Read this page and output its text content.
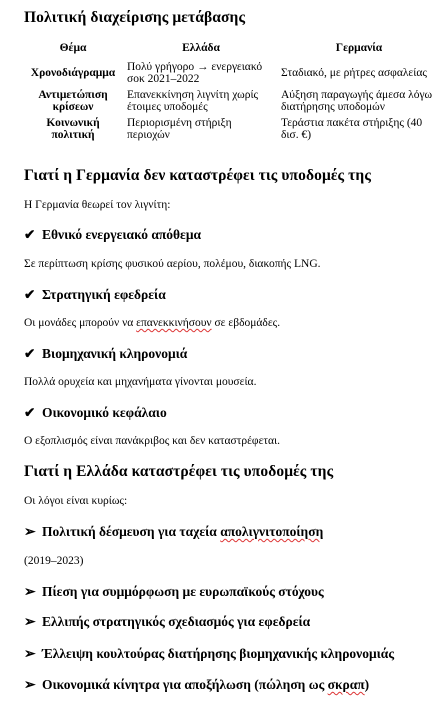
Πολιτική διαχείρισης μετάβασης
Θέμα	Ελλάδα	Γερμανία
Χρονοδιάγραμμα	Πολύ γρήγορο → ενεργειακό σοκ 2021–2022	Σταδιακό, με ρήτρες ασφαλείας
Αντιμετώπιση κρίσεων	Επανεκκίνηση λιγνίτη χωρίς έτοιμες υποδομές	Αύξηση παραγωγής άμεσα λόγω διατήρησης υποδομών
Κοινωνική πολιτική	Περιορισμένη στήριξη περιοχών	Τεράστια πακέτα στήριξης (40 δισ. €)
Γιατί η Γερμανία δεν καταστρέφει τις υποδομές της

Η Γερμανία θεωρεί τον λιγνίτη:

✔ Εθνικό ενεργειακό απόθεμα

Σε περίπτωση κρίσης φυσικού αερίου, πολέμου, διακοπής LNG.

✔ Στρατηγική εφεδρεία

Οι μονάδες μπορούν να επανεκκινήσουν σε εβδομάδες.

✔ Βιομηχανική κληρονομιά

Πολλά ορυχεία και μηχανήματα γίνονται μουσεία.

✔ Οικονομικό κεφάλαιο

Ο εξοπλισμός είναι πανάκριβος και δεν καταστρέφεται.

Γιατί η Ελλάδα καταστρέφει τις υποδομές της

Οι λόγοι είναι κυρίως:

➢ Πολιτική δέσμευση για ταχεία απολιγνιτοποίηση

(2019–2023)

➢ Πίεση για συμμόρφωση με ευρωπαϊκούς στόχους
➢ Ελλιπής στρατηγικός σχεδιασμός για εφεδρεία
➢ Έλλειψη κουλτούρας διατήρησης βιομηχανικής κληρονομιάς
➢ Οικονομικά κίνητρα για αποξήλωση (πώληση ως σκραπ)
